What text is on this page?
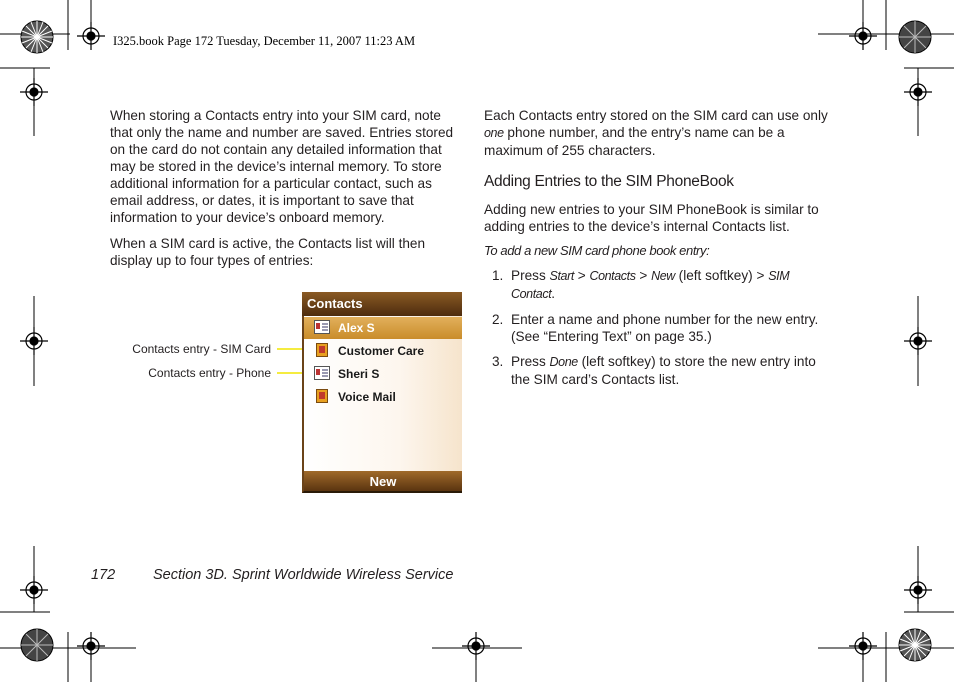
I325.book Page 172 Tuesday, December 11, 2007 11:23 AM

When storing a Contacts entry into your SIM card, note that only the name and number are saved. Entries stored on the card do not contain any detailed information that may be stored in the device’s internal memory. To store additional information for a particular contact, such as email address, or dates, it is important to save that information to your device’s onboard memory.

When a SIM card is active, the Contacts list will then display up to four types of entries:

Contacts entry - SIM Card
Contacts entry - Phone
Contacts
Alex S
Customer Care
Sheri S
Voice Mail
New

Each Contacts entry stored on the SIM card can use only one phone number, and the entry’s name can be a maximum of 255 characters.

Adding Entries to the SIM PhoneBook

Adding new entries to your SIM PhoneBook is similar to adding entries to the device’s internal Contacts list.

To add a new SIM card phone book entry:
1. Press Start > Contacts > New (left softkey) > SIM Contact.
2. Enter a name and phone number for the new entry. (See “Entering Text” on page 35.)
3. Press Done (left softkey) to store the new entry into the SIM card’s Contacts list.
172	Section 3D. Sprint Worldwide Wireless Service
